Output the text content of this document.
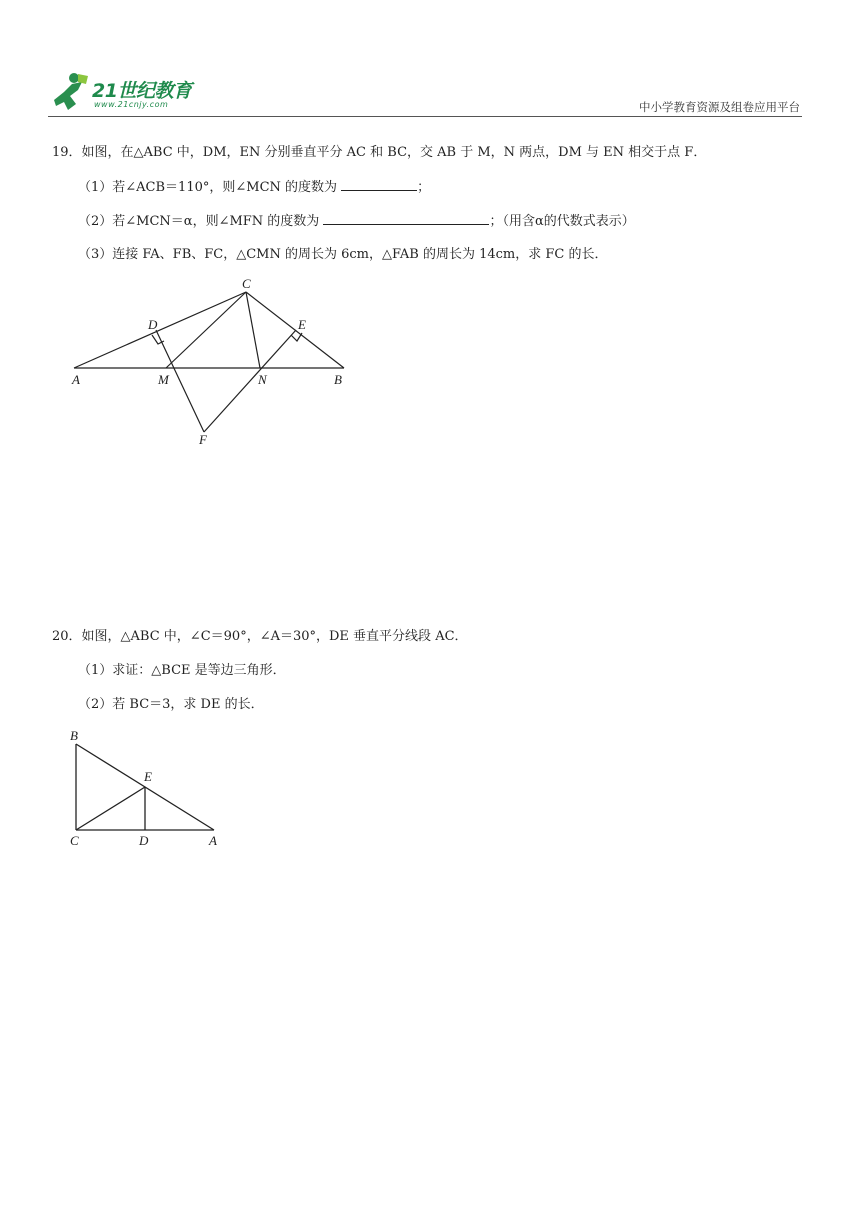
21世纪教育
www.21cnjy.com	中小学教育资源及组卷应用平台
19．如图，在△ABC 中，DM，EN 分别垂直平分 AC 和 BC，交 AB 于 M，N 两点，DM 与 EN 相交于点 F．
（1）若∠ACB＝110°，则∠MCN 的度数为	；
（2）若∠MCN＝α，则∠MFN 的度数为	；（用含α的代数式表示）
（3）连接 FA、FB、FC，△CMN 的周长为 6cm，△FAB 的周长为 14cm，求 FC 的长．
C
D	E
A	M	N	B
F
20．如图，△ABC 中，∠C＝90°，∠A＝30°，DE 垂直平分线段 AC．
（1）求证：△BCE 是等边三角形．
（2）若 BC＝3，求 DE 的长．
B
E
C	D	A
